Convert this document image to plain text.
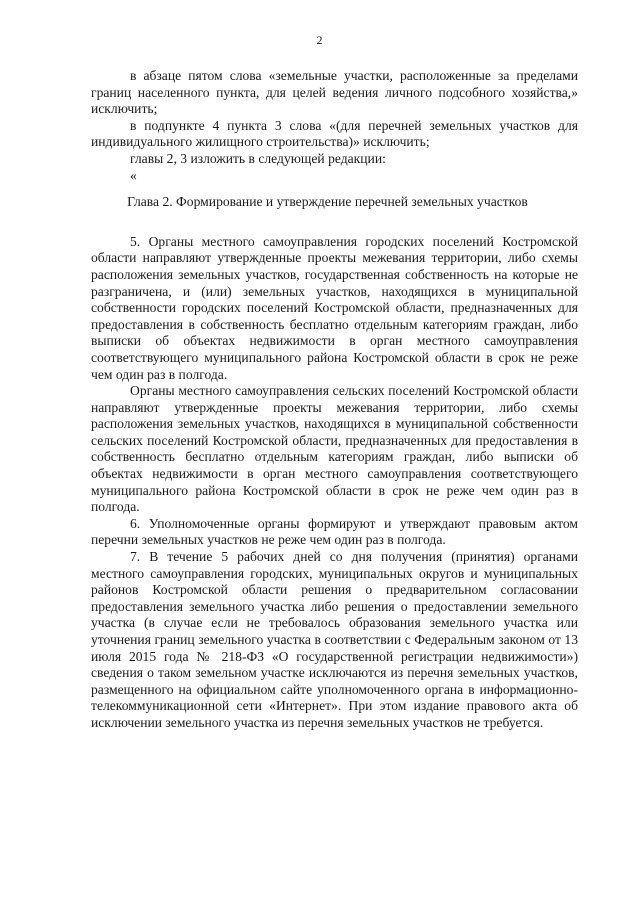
2

в абзаце пятом слова «земельные участки, расположенные за пределами границ населенного пункта, для целей ведения личного подсобного хозяйства,» исключить;

в подпункте 4 пункта 3 слова «(для перечней земельных участков для индивидуального жилищного строительства)» исключить;

главы 2, 3 изложить в следующей редакции:

«

Глава 2. Формирование и утверждение перечней земельных участков

5. Органы местного самоуправления городских поселений Костромской области направляют утвержденные проекты межевания территории, либо схемы расположения земельных участков, государственная собственность на которые не разграничена, и (или) земельных участков, находящихся в муниципальной собственности городских поселений Костромской области, предназначенных для предоставления в собственность бесплатно отдельным категориям граждан, либо выписки об объектах недвижимости в орган местного самоуправления соответствующего муниципального района Костромской области в срок не реже чем один раз в полгода.

Органы местного самоуправления сельских поселений Костромской области направляют утвержденные проекты межевания территории, либо схемы расположения земельных участков, находящихся в муниципальной собственности сельских поселений Костромской области, предназначенных для предоставления в собственность бесплатно отдельным категориям граждан, либо выписки об объектах недвижимости в орган местного самоуправления соответствующего муниципального района Костромской области в срок не реже чем один раз в полгода.

6. Уполномоченные органы формируют и утверждают правовым актом перечни земельных участков не реже чем один раз в полгода.

7. В течение 5 рабочих дней со дня получения (принятия) органами местного самоуправления городских, муниципальных округов и муниципальных районов Костромской области решения о предварительном согласовании предоставления земельного участка либо решения о предоставлении земельного участка (в случае если не требовалось образования земельного участка или уточнения границ земельного участка в соответствии с Федеральным законом от 13 июля 2015 года № 218-ФЗ «О государственной регистрации недвижимости») сведения о таком земельном участке исключаются из перечня земельных участков, размещенного на официальном сайте уполномоченного органа в информационно-телекоммуникационной сети «Интернет». При этом издание правового акта об исключении земельного участка из перечня земельных участков не требуется.
